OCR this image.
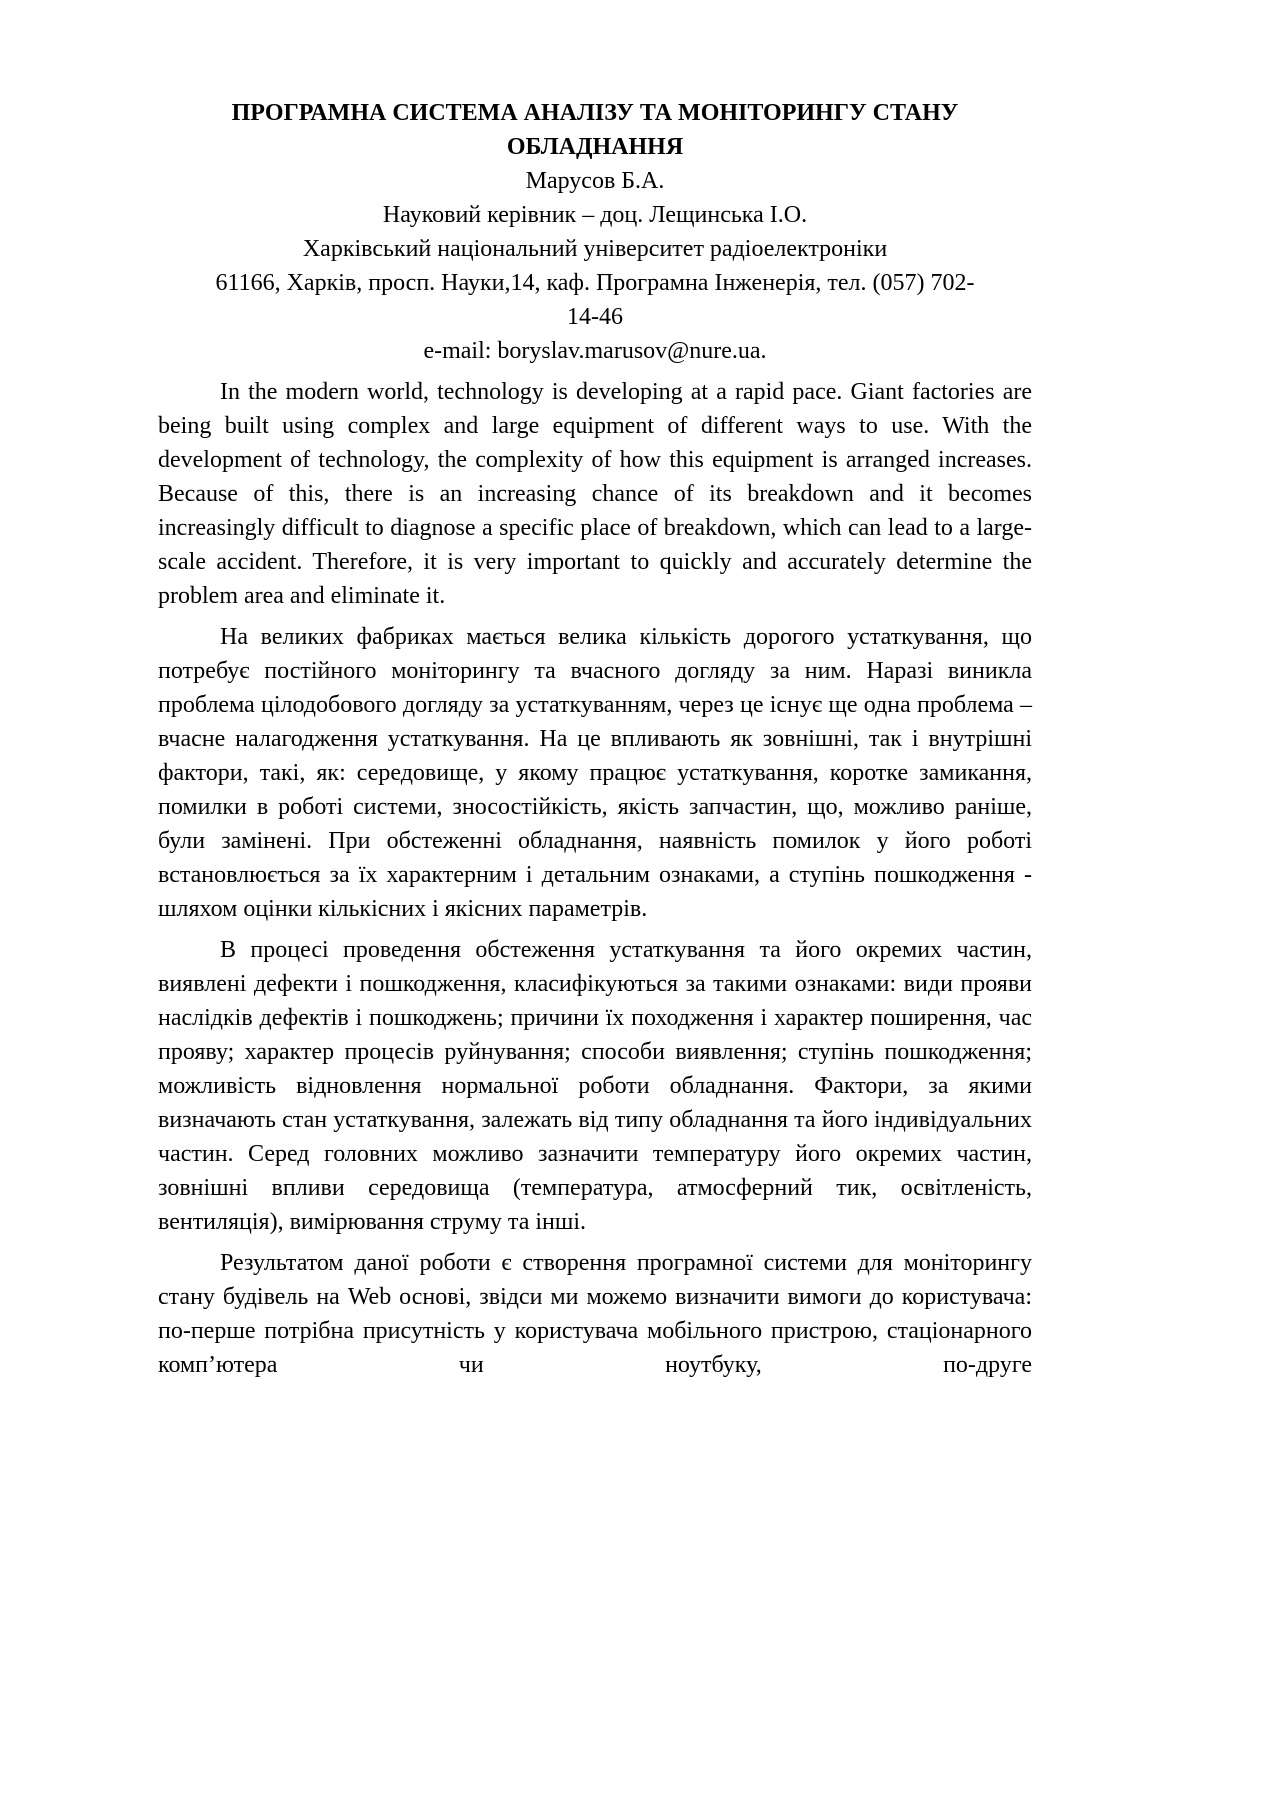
ПРОГРАМНА СИСТЕМА АНАЛІЗУ ТА МОНІТОРИНГУ СТАНУ ОБЛАДНАННЯ

Марусов Б.А.

Науковий керівник – доц. Лещинська І.О.

Харківський національний університет радіоелектроніки

61166, Харків, просп. Науки,14, каф. Програмна Інженерія, тел. (057) 702-

14-46

e-mail: boryslav.marusov@nure.ua.

In the modern world, technology is developing at a rapid pace. Giant factories are being built using complex and large equipment of different ways to use. With the development of technology, the complexity of how this equipment is arranged increases. Because of this, there is an increasing chance of its breakdown and it becomes increasingly difficult to diagnose a specific place of breakdown, which can lead to a large-scale accident. Therefore, it is very important to quickly and accurately determine the problem area and eliminate it.

На великих фабриках мається велика кількість дорогого устаткування, що потребує постійного моніторингу та вчасного догляду за ним. Наразі виникла проблема цілодобового догляду за устаткуванням, через це існує ще одна проблема – вчасне налагодження устаткування. На це впливають як зовнішні, так і внутрішні фактори, такі, як: середовище, у якому працює устаткування, коротке замикання, помилки в роботі системи, зносостійкість, якість запчастин, що, можливо раніше, були замінені. При обстеженні обладнання, наявність помилок у його роботі встановлюється за їх характерним і детальним ознаками, а ступінь пошкодження - шляхом оцінки кількісних і якісних параметрів.

В процесі проведення обстеження устаткування та його окремих частин, виявлені дефекти і пошкодження, класифікуються за такими ознаками: види прояви наслідків дефектів і пошкоджень; причини їх походження і характер поширення, час прояву; характер процесів руйнування; способи виявлення; ступінь пошкодження; можливість відновлення нормальної роботи обладнання. Фактори, за якими визначають стан устаткування, залежать від типу обладнання та його індивідуальних частин. Серед головних можливо зазначити температуру його окремих частин, зовнішні впливи середовища (температура, атмосферний тик, освітленість, вентиляція), вимірювання струму та інші.

Результатом даної роботи є створення програмної системи для моніторингу стану будівель на Web основі, звідси ми можемо визначити вимоги до користувача: по-перше потрібна присутність у користувача мобільного пристрою, стаціонарного комп’ютера чи ноутбуку, по-друге
